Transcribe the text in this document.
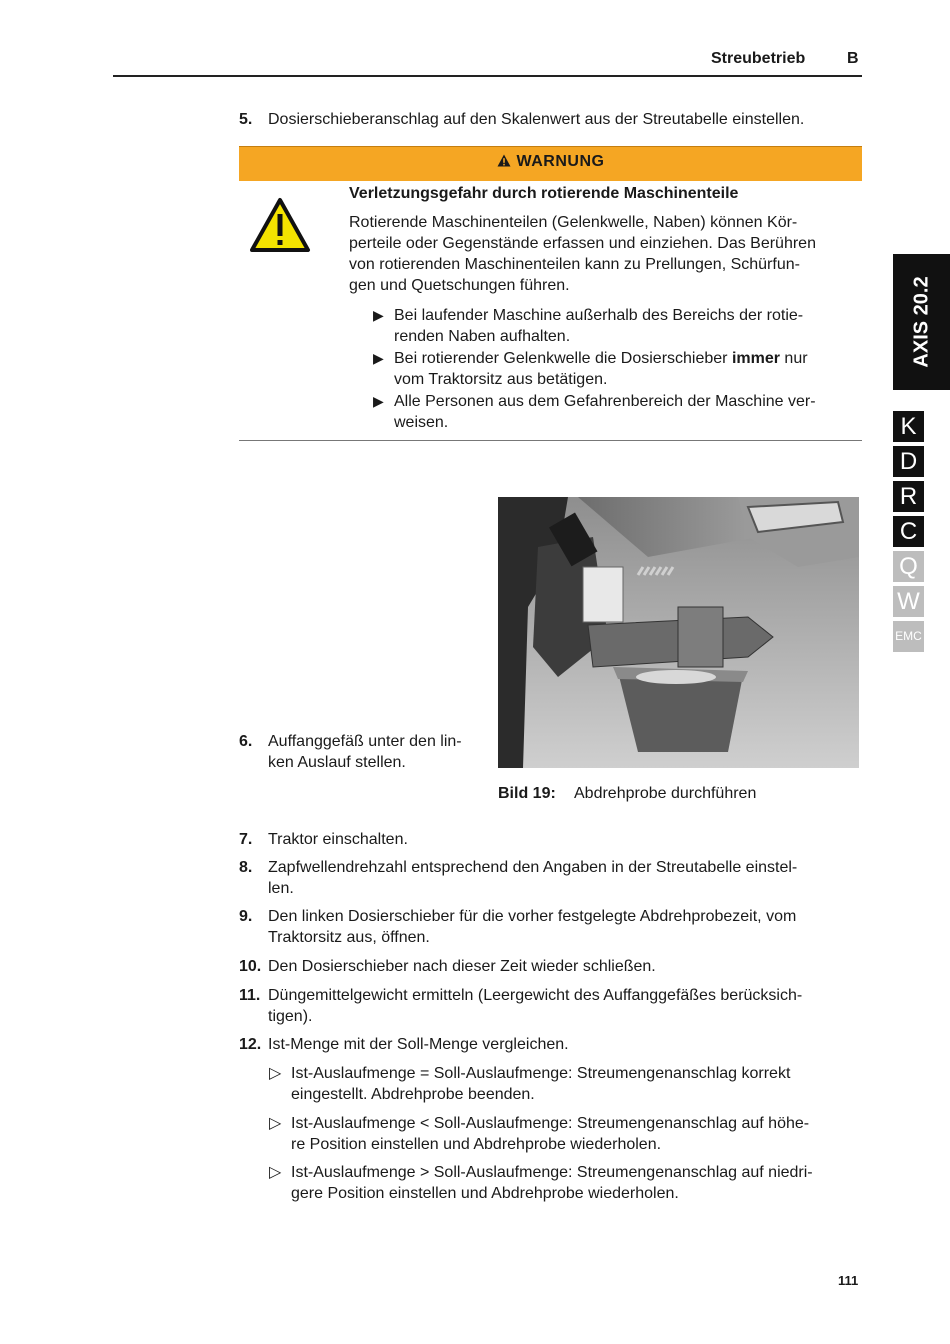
Streubetrieb	B
5. Dosierschieberanschlag auf den Skalenwert aus der Streutabelle einstellen.
WARNUNG
Verletzungsgefahr durch rotierende Maschinenteile
Rotierende Maschinenteilen (Gelenkwelle, Naben) können Kör-
perteile oder Gegenstände erfassen und einziehen. Das Berühren
von rotierenden Maschinenteilen kann zu Prellungen, Schürfun-
gen und Quetschungen führen.
▶ Bei laufender Maschine außerhalb des Bereichs der rotie-
renden Naben aufhalten.
▶ Bei rotierender Gelenkwelle die Dosierschieber immer nur
vom Traktorsitz aus betätigen.
▶ Alle Personen aus dem Gefahrenbereich der Maschine ver-
weisen.
6. Auffanggefäß unter den lin-
ken Auslauf stellen.
Bild 19: Abdrehprobe durchführen
7. Traktor einschalten.
8. Zapfwellendrehzahl entsprechend den Angaben in der Streutabelle einstel-
len.
9. Den linken Dosierschieber für die vorher festgelegte Abdrehprobezeit, vom
Traktorsitz aus, öffnen.
10. Den Dosierschieber nach dieser Zeit wieder schließen.
11. Düngemittelgewicht ermitteln (Leergewicht des Auffanggefäßes berücksich-
tigen).
12. Ist-Menge mit der Soll-Menge vergleichen.
▷ Ist-Auslaufmenge = Soll-Auslaufmenge: Streumengenanschlag korrekt
eingestellt. Abdrehprobe beenden.
▷ Ist-Auslaufmenge < Soll-Auslaufmenge: Streumengenanschlag auf höhe-
re Position einstellen und Abdrehprobe wiederholen.
▷ Ist-Auslaufmenge > Soll-Auslaufmenge: Streumengenanschlag auf niedri-
gere Position einstellen und Abdrehprobe wiederholen.
AXIS 20.2
K
D
R
C
Q
W
EMC
111
